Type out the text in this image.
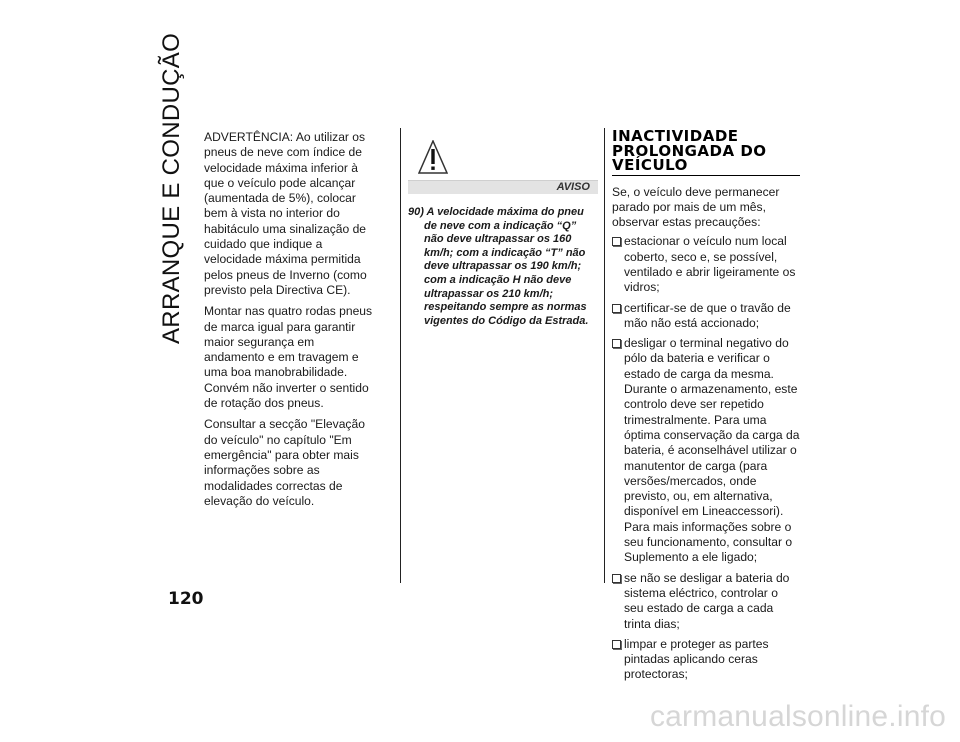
ARRANQUE E CONDUÇÃO ADVERTÊNCIA: Ao utilizar os pneus de neve com índice de velocidade máxima inferior à que o veículo pode alcançar (aumentada de 5%), colocar bem à vista no interior do habitáculo uma sinalização de cuidado que indique a velocidade máxima permitida pelos pneus de Inverno (como previsto pela Directiva CE).

Montar nas quatro rodas pneus de marca igual para garantir maior segurança em andamento e em travagem e uma boa manobrabilidade. Convém não inverter o sentido de rotação dos pneus.

Consultar a secção "Elevação do veículo" no capítulo "Em emergência" para obter mais informações sobre as modalidades correctas de elevação do veículo.

AVISO
90) A velocidade máxima do pneu de neve com a indicação “Q” não deve ultrapassar os 160 km/h; com a indicação “T” não deve ultrapassar os 190 km/h; com a indicação H não deve ultrapassar os 210 km/h; respeitando sempre as normas vigentes do Código da Estrada.
INACTIVIDADE PROLONGADA DO VEÍCULO

Se, o veículo deve permanecer parado por mais de um mês, observar estas precauções:

estacionar o veículo num local coberto, seco e, se possível, ventilado e abrir ligeiramente os vidros;
certificar-se de que o travão de mão não está accionado;
desligar o terminal negativo do pólo da bateria e verificar o estado de carga da mesma. Durante o armazenamento, este controlo deve ser repetido trimestralmente. Para uma óptima conservação da carga da bateria, é aconselhável utilizar o manutentor de carga (para versões/mercados, onde previsto, ou, em alternativa, disponível em Lineaccessori). Para mais informações sobre o seu funcionamento, consultar o Suplemento a ele ligado;
se não se desligar a bateria do sistema eléctrico, controlar o seu estado de carga a cada trinta dias;
limpar e proteger as partes pintadas aplicando ceras protectoras;
120
carmanualsonline.info
